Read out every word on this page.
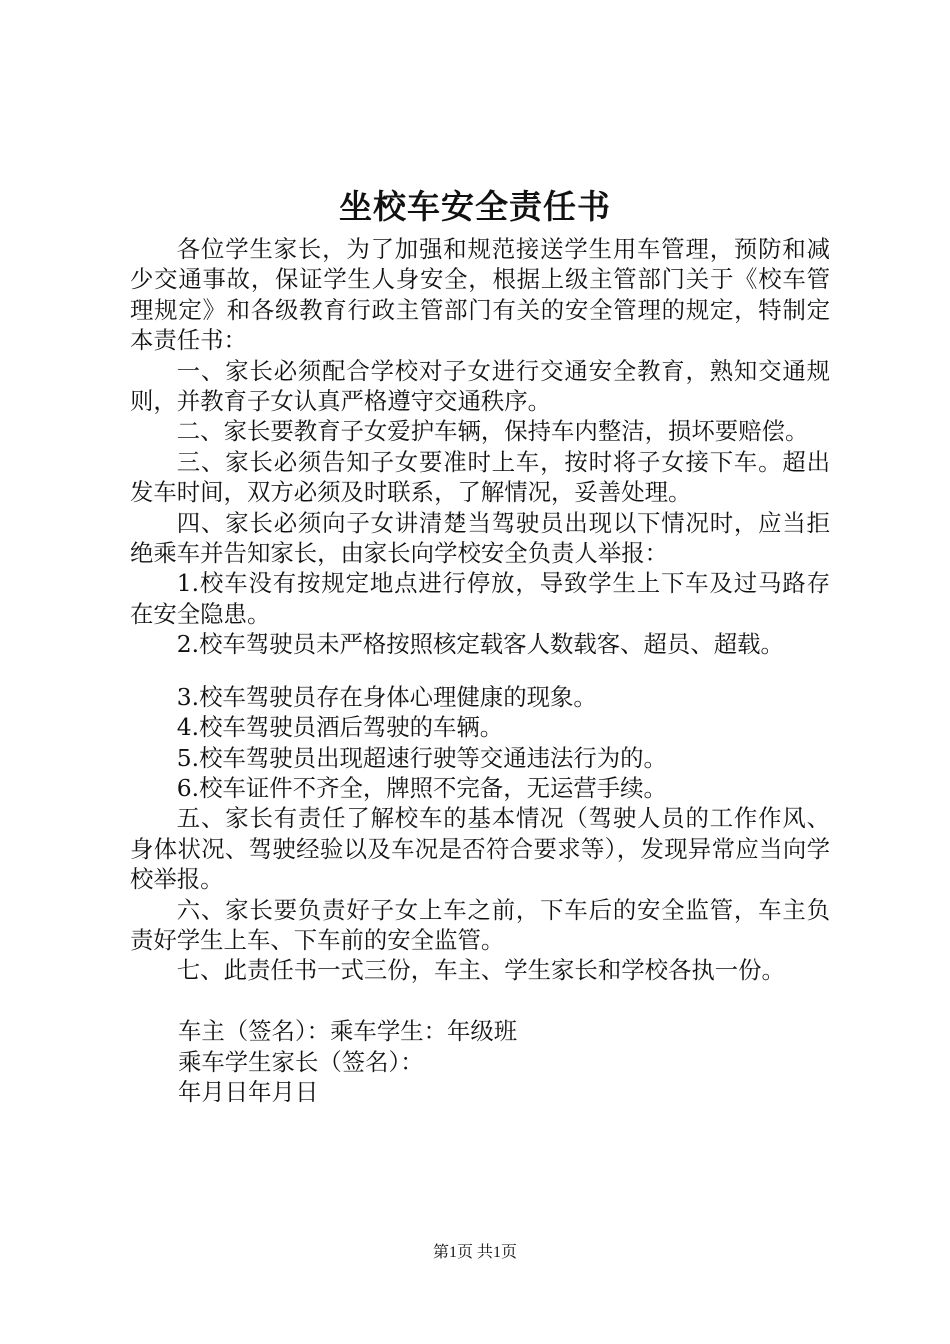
坐校车安全责任书

各位学生家长，为了加强和规范接送学生用车管理，预防和减少交通事故，保证学生人身安全，根据上级主管部门关于《校车管理规定》和各级教育行政主管部门有关的安全管理的规定，特制定本责任书：

一、家长必须配合学校对子女进行交通安全教育，熟知交通规则，并教育子女认真严格遵守交通秩序。

二、家长要教育子女爱护车辆，保持车内整洁，损坏要赔偿。

三、家长必须告知子女要准时上车，按时将子女接下车。超出发车时间，双方必须及时联系，了解情况，妥善处理。

四、家长必须向子女讲清楚当驾驶员出现以下情况时，应当拒绝乘车并告知家长，由家长向学校安全负责人举报：

1.校车没有按规定地点进行停放，导致学生上下车及过马路存在安全隐患。

2.校车驾驶员未严格按照核定载客人数载客、超员、超载。

3.校车驾驶员存在身体心理健康的现象。

4.校车驾驶员酒后驾驶的车辆。

5.校车驾驶员出现超速行驶等交通违法行为的。

6.校车证件不齐全，牌照不完备，无运营手续。

五、家长有责任了解校车的基本情况（驾驶人员的工作作风、身体状况、驾驶经验以及车况是否符合要求等），发现异常应当向学校举报。

六、家长要负责好子女上车之前，下车后的安全监管，车主负责好学生上车、下车前的安全监管。

七、此责任书一式三份，车主、学生家长和学校各执一份。

车主（签名）：乘车学生：年级班

乘车学生家长（签名）：

年月日年月日

第1页 共1页
